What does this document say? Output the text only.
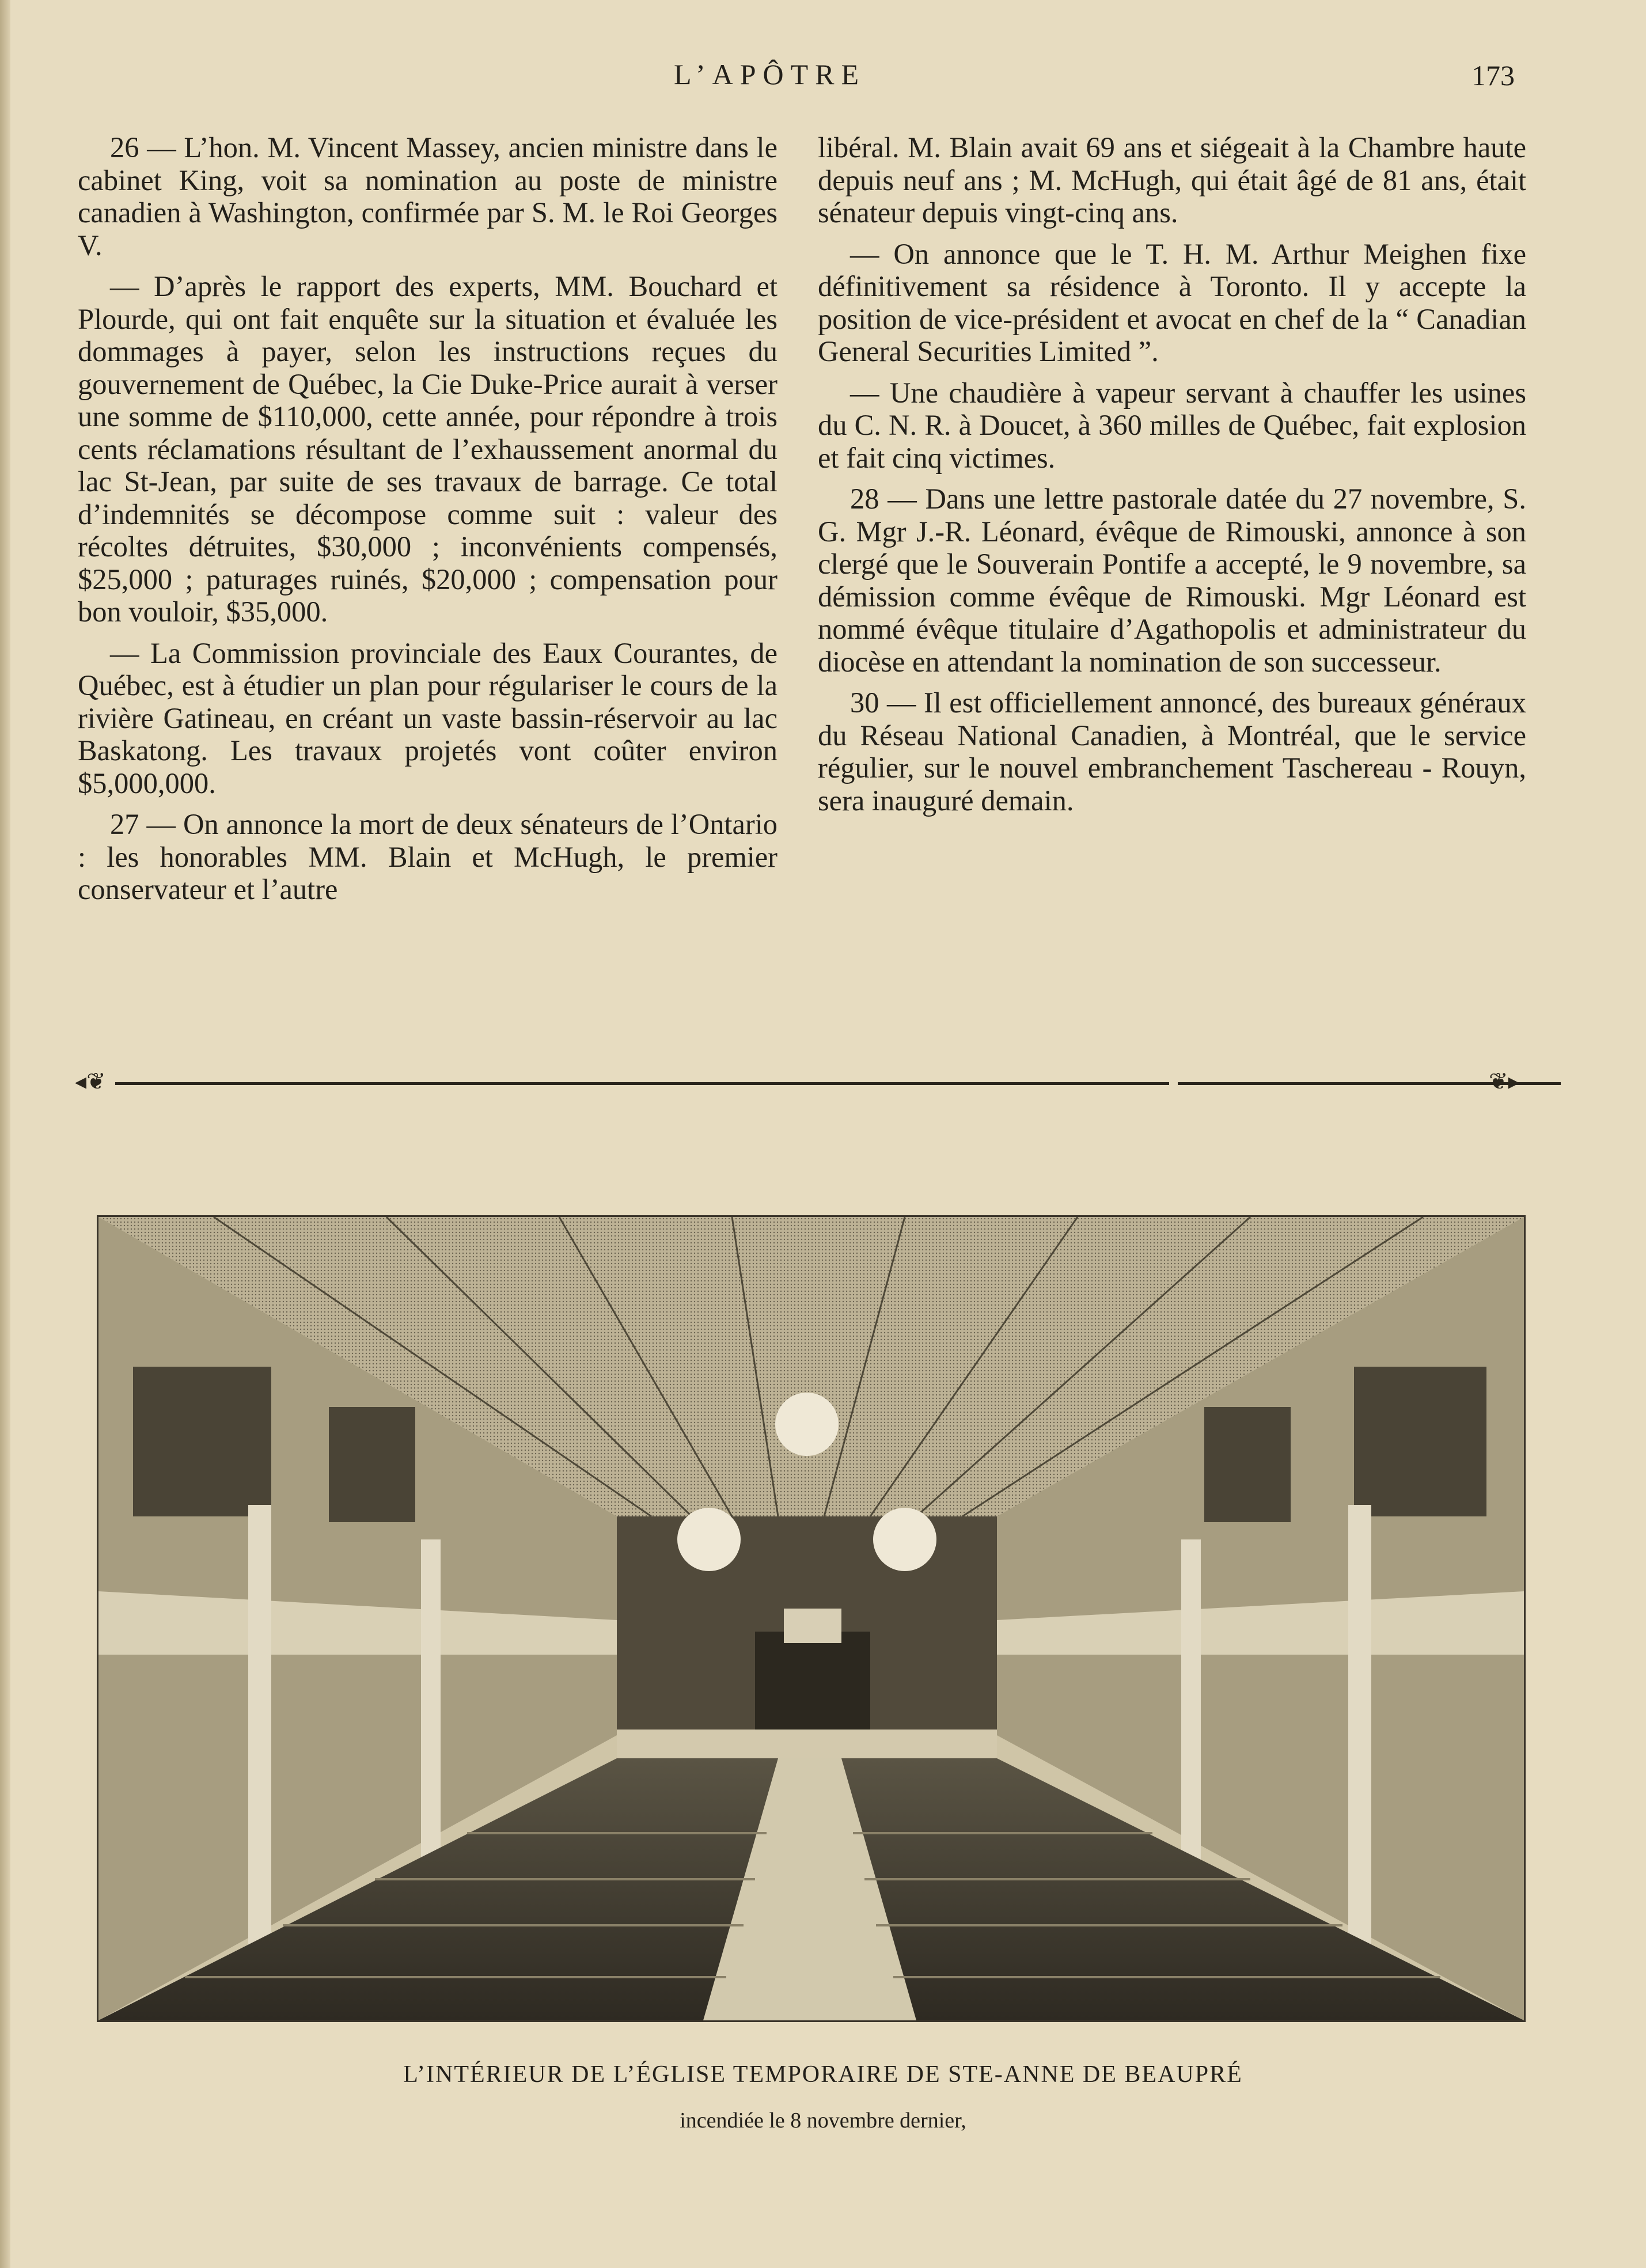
L’APÔTRE	173

26 — L’hon. M. Vincent Massey, ancien ministre dans le cabinet King, voit sa nomination au poste de ministre canadien à Washington, confirmée par S. M. le Roi Georges V.

— D’après le rapport des experts, MM. Bouchard et Plourde, qui ont fait enquête sur la situation et évaluée les dommages à payer, selon les instructions reçues du gouvernement de Québec, la Cie Duke-Price aurait à verser une somme de $110,000, cette année, pour répondre à trois cents réclamations résultant de l’exhaussement anormal du lac St-Jean, par suite de ses travaux de barrage. Ce total d’indemnités se décompose comme suit : valeur des récoltes détruites, $30,000 ; inconvénients compensés, $25,000 ; paturages ruinés, $20,000 ; compensation pour bon vouloir, $35,000.

— La Commission provinciale des Eaux Courantes, de Québec, est à étudier un plan pour régulariser le cours de la rivière Gatineau, en créant un vaste bassin-réservoir au lac Baskatong. Les travaux projetés vont coûter environ $5,000,000.

27 — On annonce la mort de deux sénateurs de l’Ontario : les honorables MM. Blain et McHugh, le premier conservateur et l’autre

libéral. M. Blain avait 69 ans et siégeait à la Chambre haute depuis neuf ans ; M. McHugh, qui était âgé de 81 ans, était sénateur depuis vingt-cinq ans.

— On annonce que le T. H. M. Arthur Meighen fixe définitivement sa résidence à Toronto. Il y accepte la position de vice-président et avocat en chef de la “ Canadian General Securities Limited ”.

— Une chaudière à vapeur servant à chauffer les usines du C. N. R. à Doucet, à 360 milles de Québec, fait explosion et fait cinq victimes.

28 — Dans une lettre pastorale datée du 27 novembre, S. G. Mgr J.-R. Léonard, évêque de Rimouski, annonce à son clergé que le Souverain Pontife a accepté, le 9 novembre, sa démission comme évêque de Rimouski. Mgr Léonard est nommé évêque titulaire d’Agathopolis et administrateur du diocèse en attendant la nomination de son successeur.

30 — Il est officiellement annoncé, des bureaux généraux du Réseau National Canadien, à Montréal, que le service régulier, sur le nouvel embranchement Taschereau - Rouyn, sera inauguré demain.

◂❦	❦▸
L’INTÉRIEUR DE L’ÉGLISE TEMPORAIRE DE STE-ANNE DE BEAUPRÉ
incendiée le 8 novembre dernier,
